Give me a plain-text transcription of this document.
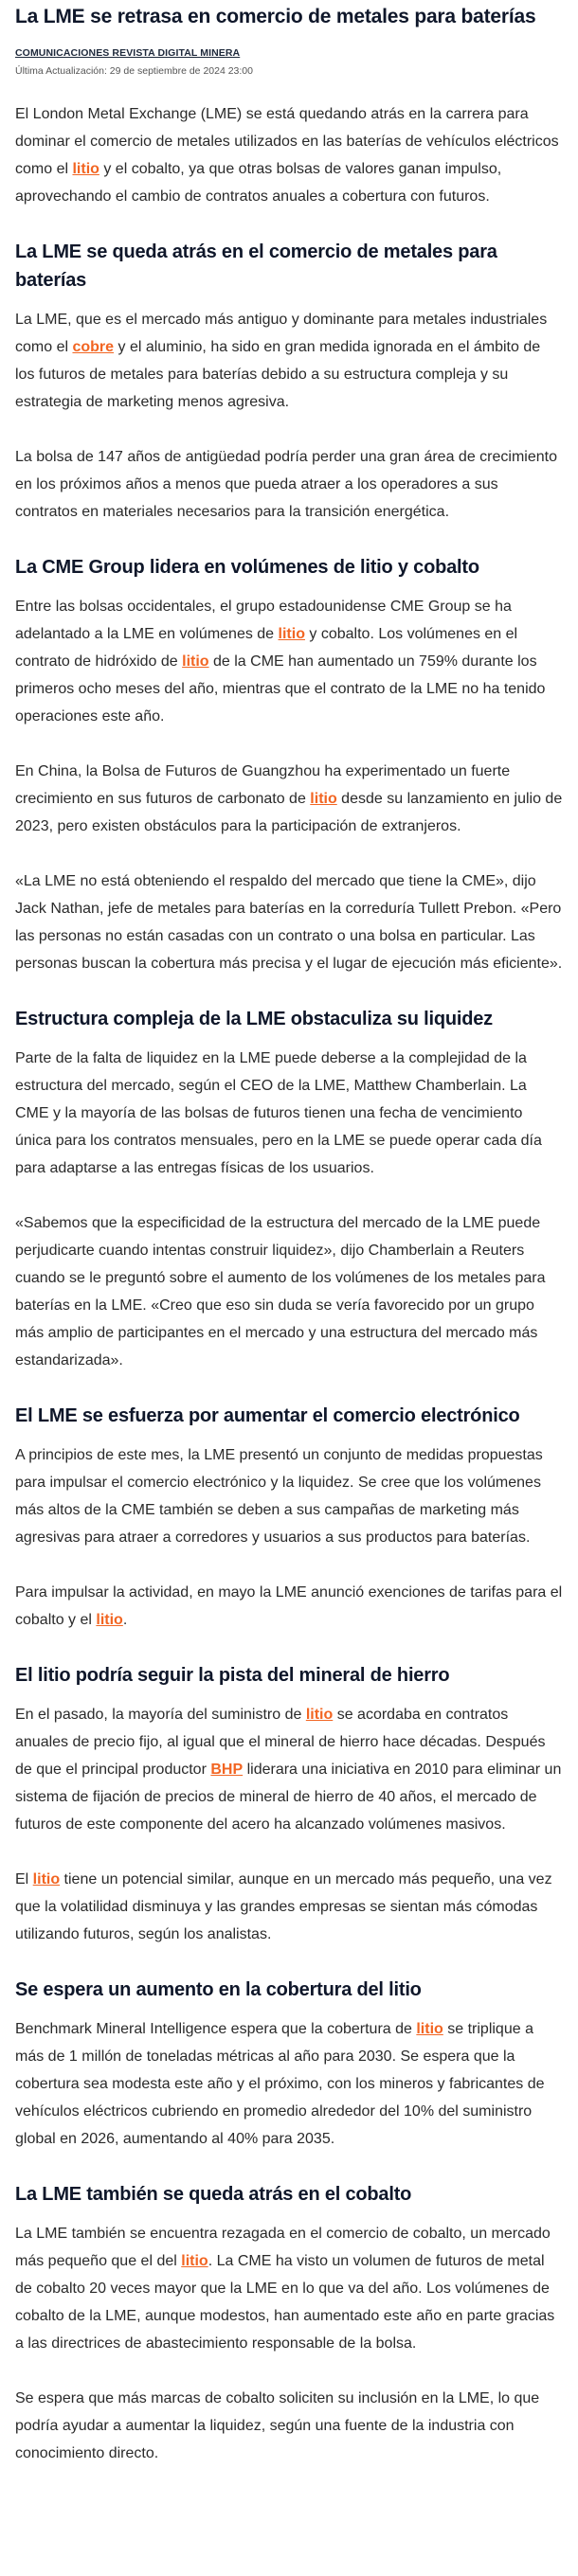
La LME se retrasa en comercio de metales para baterías
COMUNICACIONES REVISTA DIGITAL MINERA
Última Actualización: 29 de septiembre de 2024 23:00

El London Metal Exchange (LME) se está quedando atrás en la carrera para dominar el comercio de metales utilizados en las baterías de vehículos eléctricos como el litio y el cobalto, ya que otras bolsas de valores ganan impulso, aprovechando el cambio de contratos anuales a cobertura con futuros.

La LME se queda atrás en el comercio de metales para baterías

La LME, que es el mercado más antiguo y dominante para metales industriales como el cobre y el aluminio, ha sido en gran medida ignorada en el ámbito de los futuros de metales para baterías debido a su estructura compleja y su estrategia de marketing menos agresiva.

La bolsa de 147 años de antigüedad podría perder una gran área de crecimiento en los próximos años a menos que pueda atraer a los operadores a sus contratos en materiales necesarios para la transición energética.

La CME Group lidera en volúmenes de litio y cobalto

Entre las bolsas occidentales, el grupo estadounidense CME Group se ha adelantado a la LME en volúmenes de litio y cobalto. Los volúmenes en el contrato de hidróxido de litio de la CME han aumentado un 759% durante los primeros ocho meses del año, mientras que el contrato de la LME no ha tenido operaciones este año.

En China, la Bolsa de Futuros de Guangzhou ha experimentado un fuerte crecimiento en sus futuros de carbonato de litio desde su lanzamiento en julio de 2023, pero existen obstáculos para la participación de extranjeros.

«La LME no está obteniendo el respaldo del mercado que tiene la CME», dijo Jack Nathan, jefe de metales para baterías en la correduría Tullett Prebon. «Pero las personas no están casadas con un contrato o una bolsa en particular. Las personas buscan la cobertura más precisa y el lugar de ejecución más eficiente».

Estructura compleja de la LME obstaculiza su liquidez

Parte de la falta de liquidez en la LME puede deberse a la complejidad de la estructura del mercado, según el CEO de la LME, Matthew Chamberlain. La CME y la mayoría de las bolsas de futuros tienen una fecha de vencimiento única para los contratos mensuales, pero en la LME se puede operar cada día para adaptarse a las entregas físicas de los usuarios.

«Sabemos que la especificidad de la estructura del mercado de la LME puede perjudicarte cuando intentas construir liquidez», dijo Chamberlain a Reuters cuando se le preguntó sobre el aumento de los volúmenes de los metales para baterías en la LME. «Creo que eso sin duda se vería favorecido por un grupo más amplio de participantes en el mercado y una estructura del mercado más estandarizada».

El LME se esfuerza por aumentar el comercio electrónico

A principios de este mes, la LME presentó un conjunto de medidas propuestas para impulsar el comercio electrónico y la liquidez. Se cree que los volúmenes más altos de la CME también se deben a sus campañas de marketing más agresivas para atraer a corredores y usuarios a sus productos para baterías.

Para impulsar la actividad, en mayo la LME anunció exenciones de tarifas para el cobalto y el litio.

El litio podría seguir la pista del mineral de hierro

En el pasado, la mayoría del suministro de litio se acordaba en contratos anuales de precio fijo, al igual que el mineral de hierro hace décadas. Después de que el principal productor BHP liderara una iniciativa en 2010 para eliminar un sistema de fijación de precios de mineral de hierro de 40 años, el mercado de futuros de este componente del acero ha alcanzado volúmenes masivos.

El litio tiene un potencial similar, aunque en un mercado más pequeño, una vez que la volatilidad disminuya y las grandes empresas se sientan más cómodas utilizando futuros, según los analistas.

Se espera un aumento en la cobertura del litio

Benchmark Mineral Intelligence espera que la cobertura de litio se triplique a más de 1 millón de toneladas métricas al año para 2030. Se espera que la cobertura sea modesta este año y el próximo, con los mineros y fabricantes de vehículos eléctricos cubriendo en promedio alrededor del 10% del suministro global en 2026, aumentando al 40% para 2035.

La LME también se queda atrás en el cobalto

La LME también se encuentra rezagada en el comercio de cobalto, un mercado más pequeño que el del litio. La CME ha visto un volumen de futuros de metal de cobalto 20 veces mayor que la LME en lo que va del año. Los volúmenes de cobalto de la LME, aunque modestos, han aumentado este año en parte gracias a las directrices de abastecimiento responsable de la bolsa.

Se espera que más marcas de cobalto soliciten su inclusión en la LME, lo que podría ayudar a aumentar la liquidez, según una fuente de la industria con conocimiento directo.
